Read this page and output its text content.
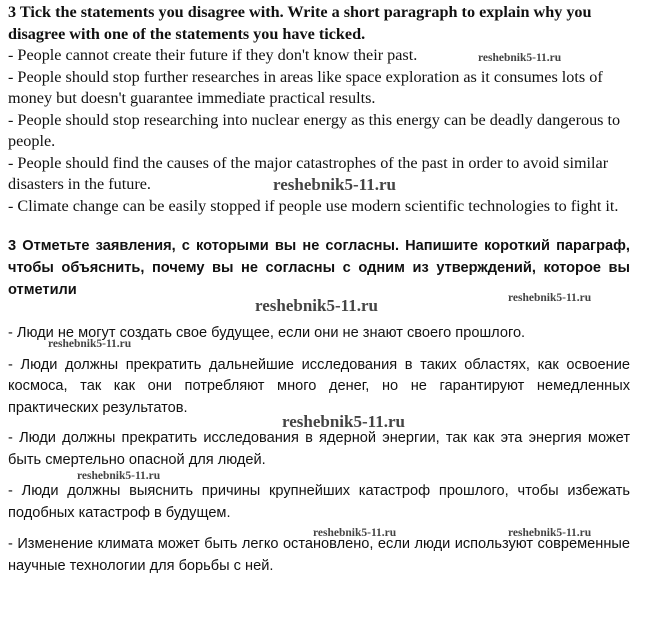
3 Tick the statements you disagree with. Write a short paragraph to explain why you disagree with one of the statements you have ticked.

- People cannot create their future if they don't know their past.

- People should stop further researches in areas like space exploration as it consumes lots of money but doesn't guarantee immediate practical results.

- People should stop researching into nuclear energy as this energy can be deadly dangerous to people.

- People should find the causes of the major catastrophes of the past in order to avoid similar disasters in the future.

- Climate change can be easily stopped if people use modern scientific technologies to fight it.

3 Отметьте заявления, с которыми вы не согласны. Напишите короткий параграф, чтобы объяснить, почему вы не согласны с одним из утверждений, которое вы отметили

- Люди не могут создать свое будущее, если они не знают своего прошлого.

- Люди должны прекратить дальнейшие исследования в таких областях, как освоение космоса, так как они потребляют много денег, но не гарантируют немедленных практических результатов.

- Люди должны прекратить исследования в ядерной энергии, так как эта энергия может быть смертельно опасной для людей.

- Люди должны выяснить причины крупнейших катастроф прошлого, чтобы избежать подобных катастроф в будущем.

- Изменение климата может быть легко остановлено, если люди используют современные научные технологии для борьбы с ней.

reshebnik5-11.ru
reshebnik5-11.ru
reshebnik5-11.ru	reshebnik5-11.ru
reshebnik5-11.ru
reshebnik5-11.ru
reshebnik5-11.ru
reshebnik5-11.ru	reshebnik5-11.ru
